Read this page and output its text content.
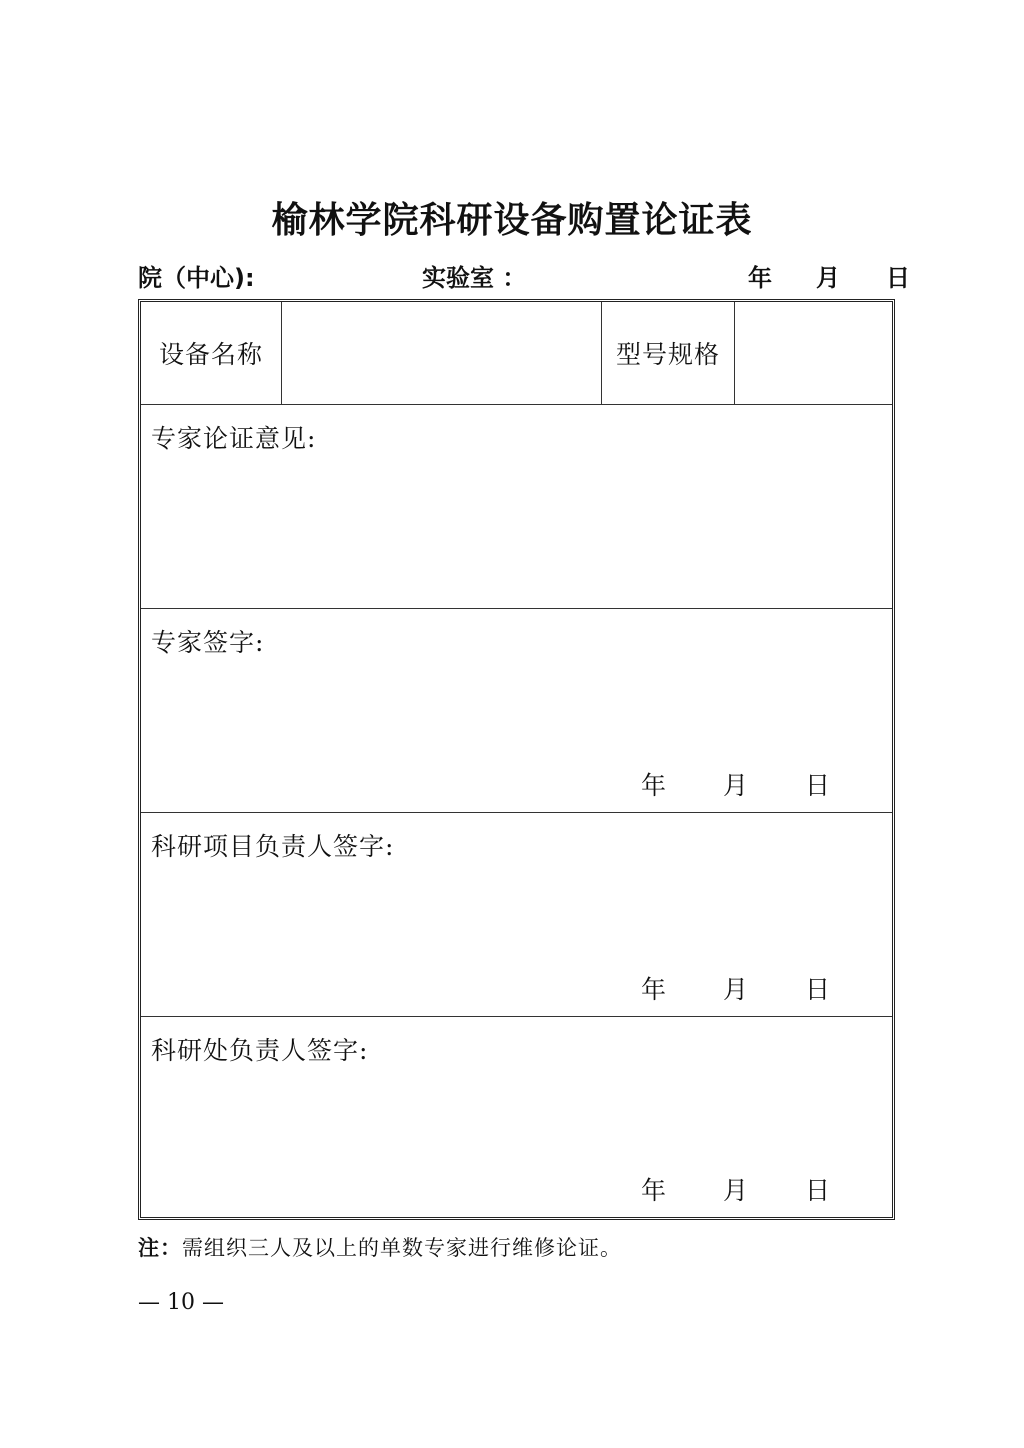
榆林学院科研设备购置论证表
院（中心):	实验室 ：	年 月 日
设备名称	型号规格
专家论证意见:
专家签字:
年 月 日
科研项目负责人签字:
年 月 日
科研处负责人签字:
年 月 日
注：需组织三人及以上的单数专家进行维修论证。
— 10 —
